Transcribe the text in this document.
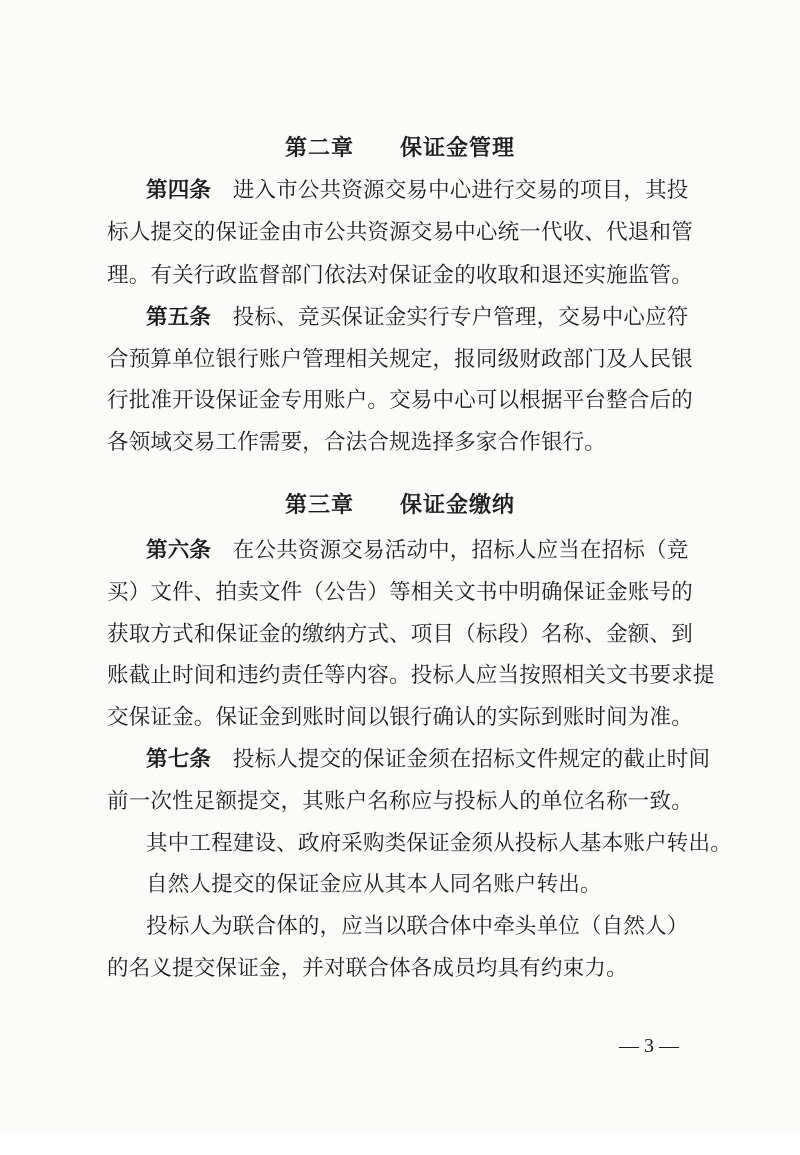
第二章　　保证金管理
第四条　进入市公共资源交易中心进行交易的项目，其投
标人提交的保证金由市公共资源交易中心统一代收、代退和管
理。有关行政监督部门依法对保证金的收取和退还实施监管。
第五条　投标、竞买保证金实行专户管理，交易中心应符
合预算单位银行账户管理相关规定，报同级财政部门及人民银
行批准开设保证金专用账户。交易中心可以根据平台整合后的
各领域交易工作需要，合法合规选择多家合作银行。
第三章　　保证金缴纳
第六条　在公共资源交易活动中，招标人应当在招标（竞
买）文件、拍卖文件（公告）等相关文书中明确保证金账号的
获取方式和保证金的缴纳方式、项目（标段）名称、金额、到
账截止时间和违约责任等内容。投标人应当按照相关文书要求提
交保证金。保证金到账时间以银行确认的实际到账时间为准。
第七条　投标人提交的保证金须在招标文件规定的截止时间
前一次性足额提交，其账户名称应与投标人的单位名称一致。
其中工程建设、政府采购类保证金须从投标人基本账户转出。
自然人提交的保证金应从其本人同名账户转出。
投标人为联合体的，应当以联合体中牵头单位（自然人）
的名义提交保证金，并对联合体各成员均具有约束力。
— 3 —
